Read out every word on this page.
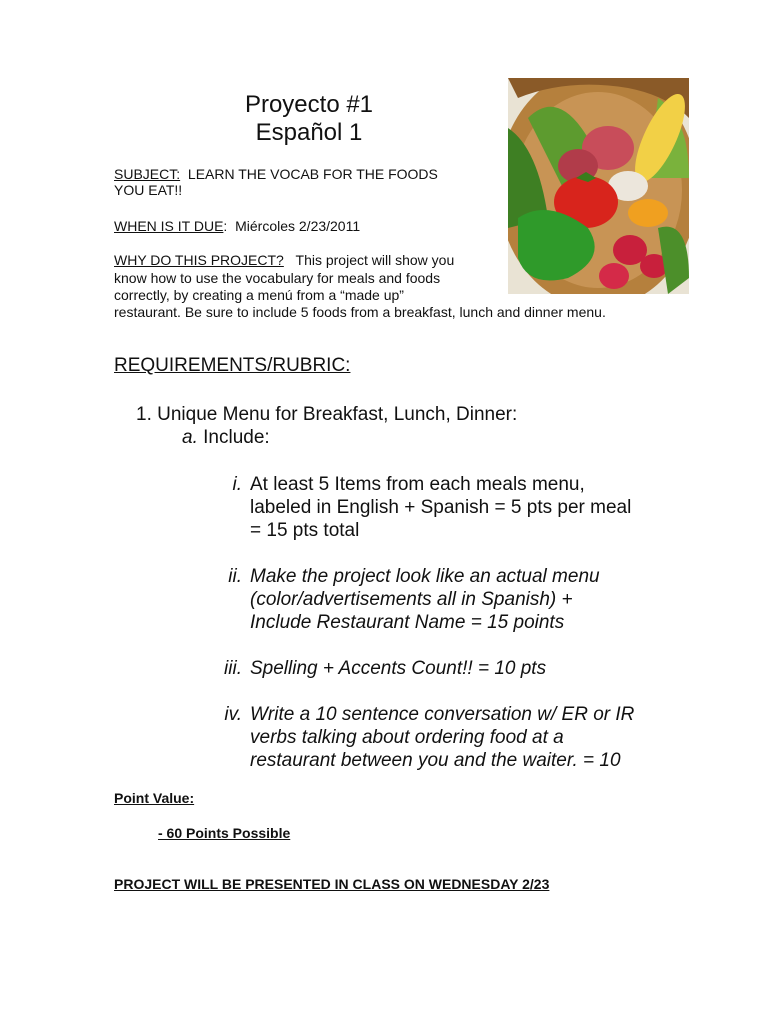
Proyecto #1
Español 1
SUBJECT: LEARN THE VOCAB FOR THE FOODS
YOU EAT!!
WHEN IS IT DUE: Miércoles 2/23/2011
WHY DO THIS PROJECT? This project will show you
know how to use the vocabulary for meals and foods
correctly, by creating a menú from a “made up”
restaurant. Be sure to include 5 foods from a breakfast, lunch and dinner menu.
REQUIREMENTS/RUBRIC:
1. Unique Menu for Breakfast, Lunch, Dinner:
a. Include:
i. At least 5 Items from each meals menu,
labeled in English + Spanish = 5 pts per meal
= 15 pts total
ii. Make the project look like an actual menu
(color/advertisements all in Spanish) +
Include Restaurant Name = 15 points
iii. Spelling + Accents Count!! = 10 pts
iv. Write a 10 sentence conversation w/ ER or IR
verbs talking about ordering food at a
restaurant between you and the waiter. = 10
Point Value:
- 60 Points Possible
PROJECT WILL BE PRESENTED IN CLASS ON WEDNESDAY 2/23
